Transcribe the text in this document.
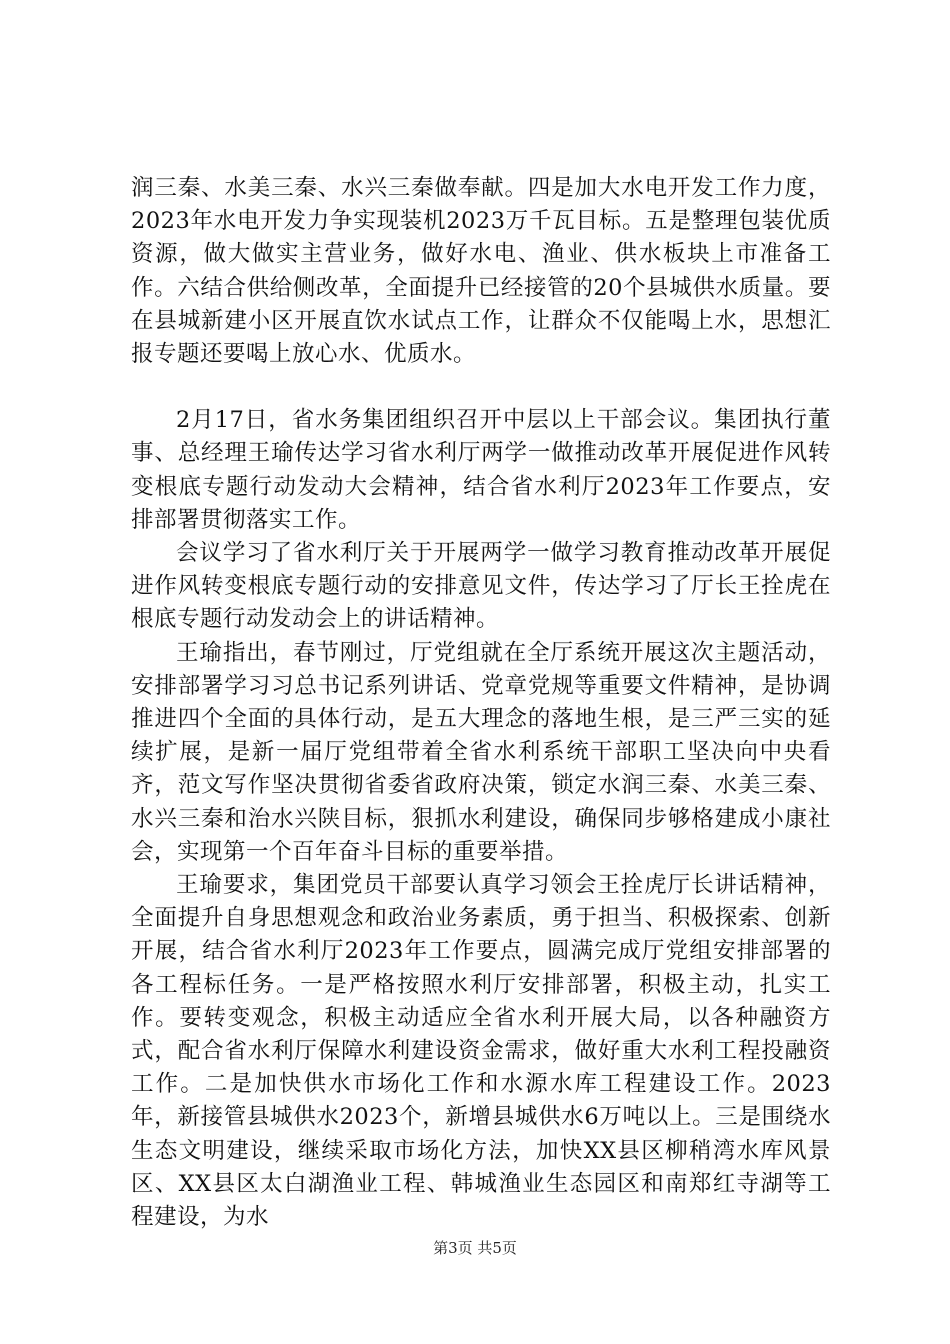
润三秦、水美三秦、水兴三秦做奉献。四是加大水电开发工作力度，2023年水电开发力争实现装机2023万千瓦目标。五是整理包装优质资源，做大做实主营业务，做好水电、渔业、供水板块上市准备工作。六结合供给侧改革，全面提升已经接管的20个县城供水质量。要在县城新建小区开展直饮水试点工作，让群众不仅能喝上水，思想汇报专题还要喝上放心水、优质水。

2月17日，省水务集团组织召开中层以上干部会议。集团执行董事、总经理王瑜传达学习省水利厅两学一做推动改革开展促进作风转变根底专题行动发动大会精神，结合省水利厅2023年工作要点，安排部署贯彻落实工作。

会议学习了省水利厅关于开展两学一做学习教育推动改革开展促进作风转变根底专题行动的安排意见文件，传达学习了厅长王拴虎在根底专题行动发动会上的讲话精神。

王瑜指出，春节刚过，厅党组就在全厅系统开展这次主题活动，安排部署学习习总书记系列讲话、党章党规等重要文件精神，是协调推进四个全面的具体行动，是五大理念的落地生根，是三严三实的延续扩展，是新一届厅党组带着全省水利系统干部职工坚决向中央看齐，范文写作坚决贯彻省委省政府决策，锁定水润三秦、水美三秦、水兴三秦和治水兴陕目标，狠抓水利建设，确保同步够格建成小康社会，实现第一个百年奋斗目标的重要举措。

王瑜要求，集团党员干部要认真学习领会王拴虎厅长讲话精神，全面提升自身思想观念和政治业务素质，勇于担当、积极探索、创新开展，结合省水利厅2023年工作要点，圆满完成厅党组安排部署的各工程标任务。一是严格按照水利厅安排部署，积极主动，扎实工作。要转变观念，积极主动适应全省水利开展大局，以各种融资方式，配合省水利厅保障水利建设资金需求，做好重大水利工程投融资工作。二是加快供水市场化工作和水源水库工程建设工作。2023年，新接管县城供水2023个，新增县城供水6万吨以上。三是围绕水生态文明建设，继续采取市场化方法，加快XX县区柳稍湾水库风景区、XX县区太白湖渔业工程、韩城渔业生态园区和南郑红寺湖等工程建设，为水

第3页 共5页
